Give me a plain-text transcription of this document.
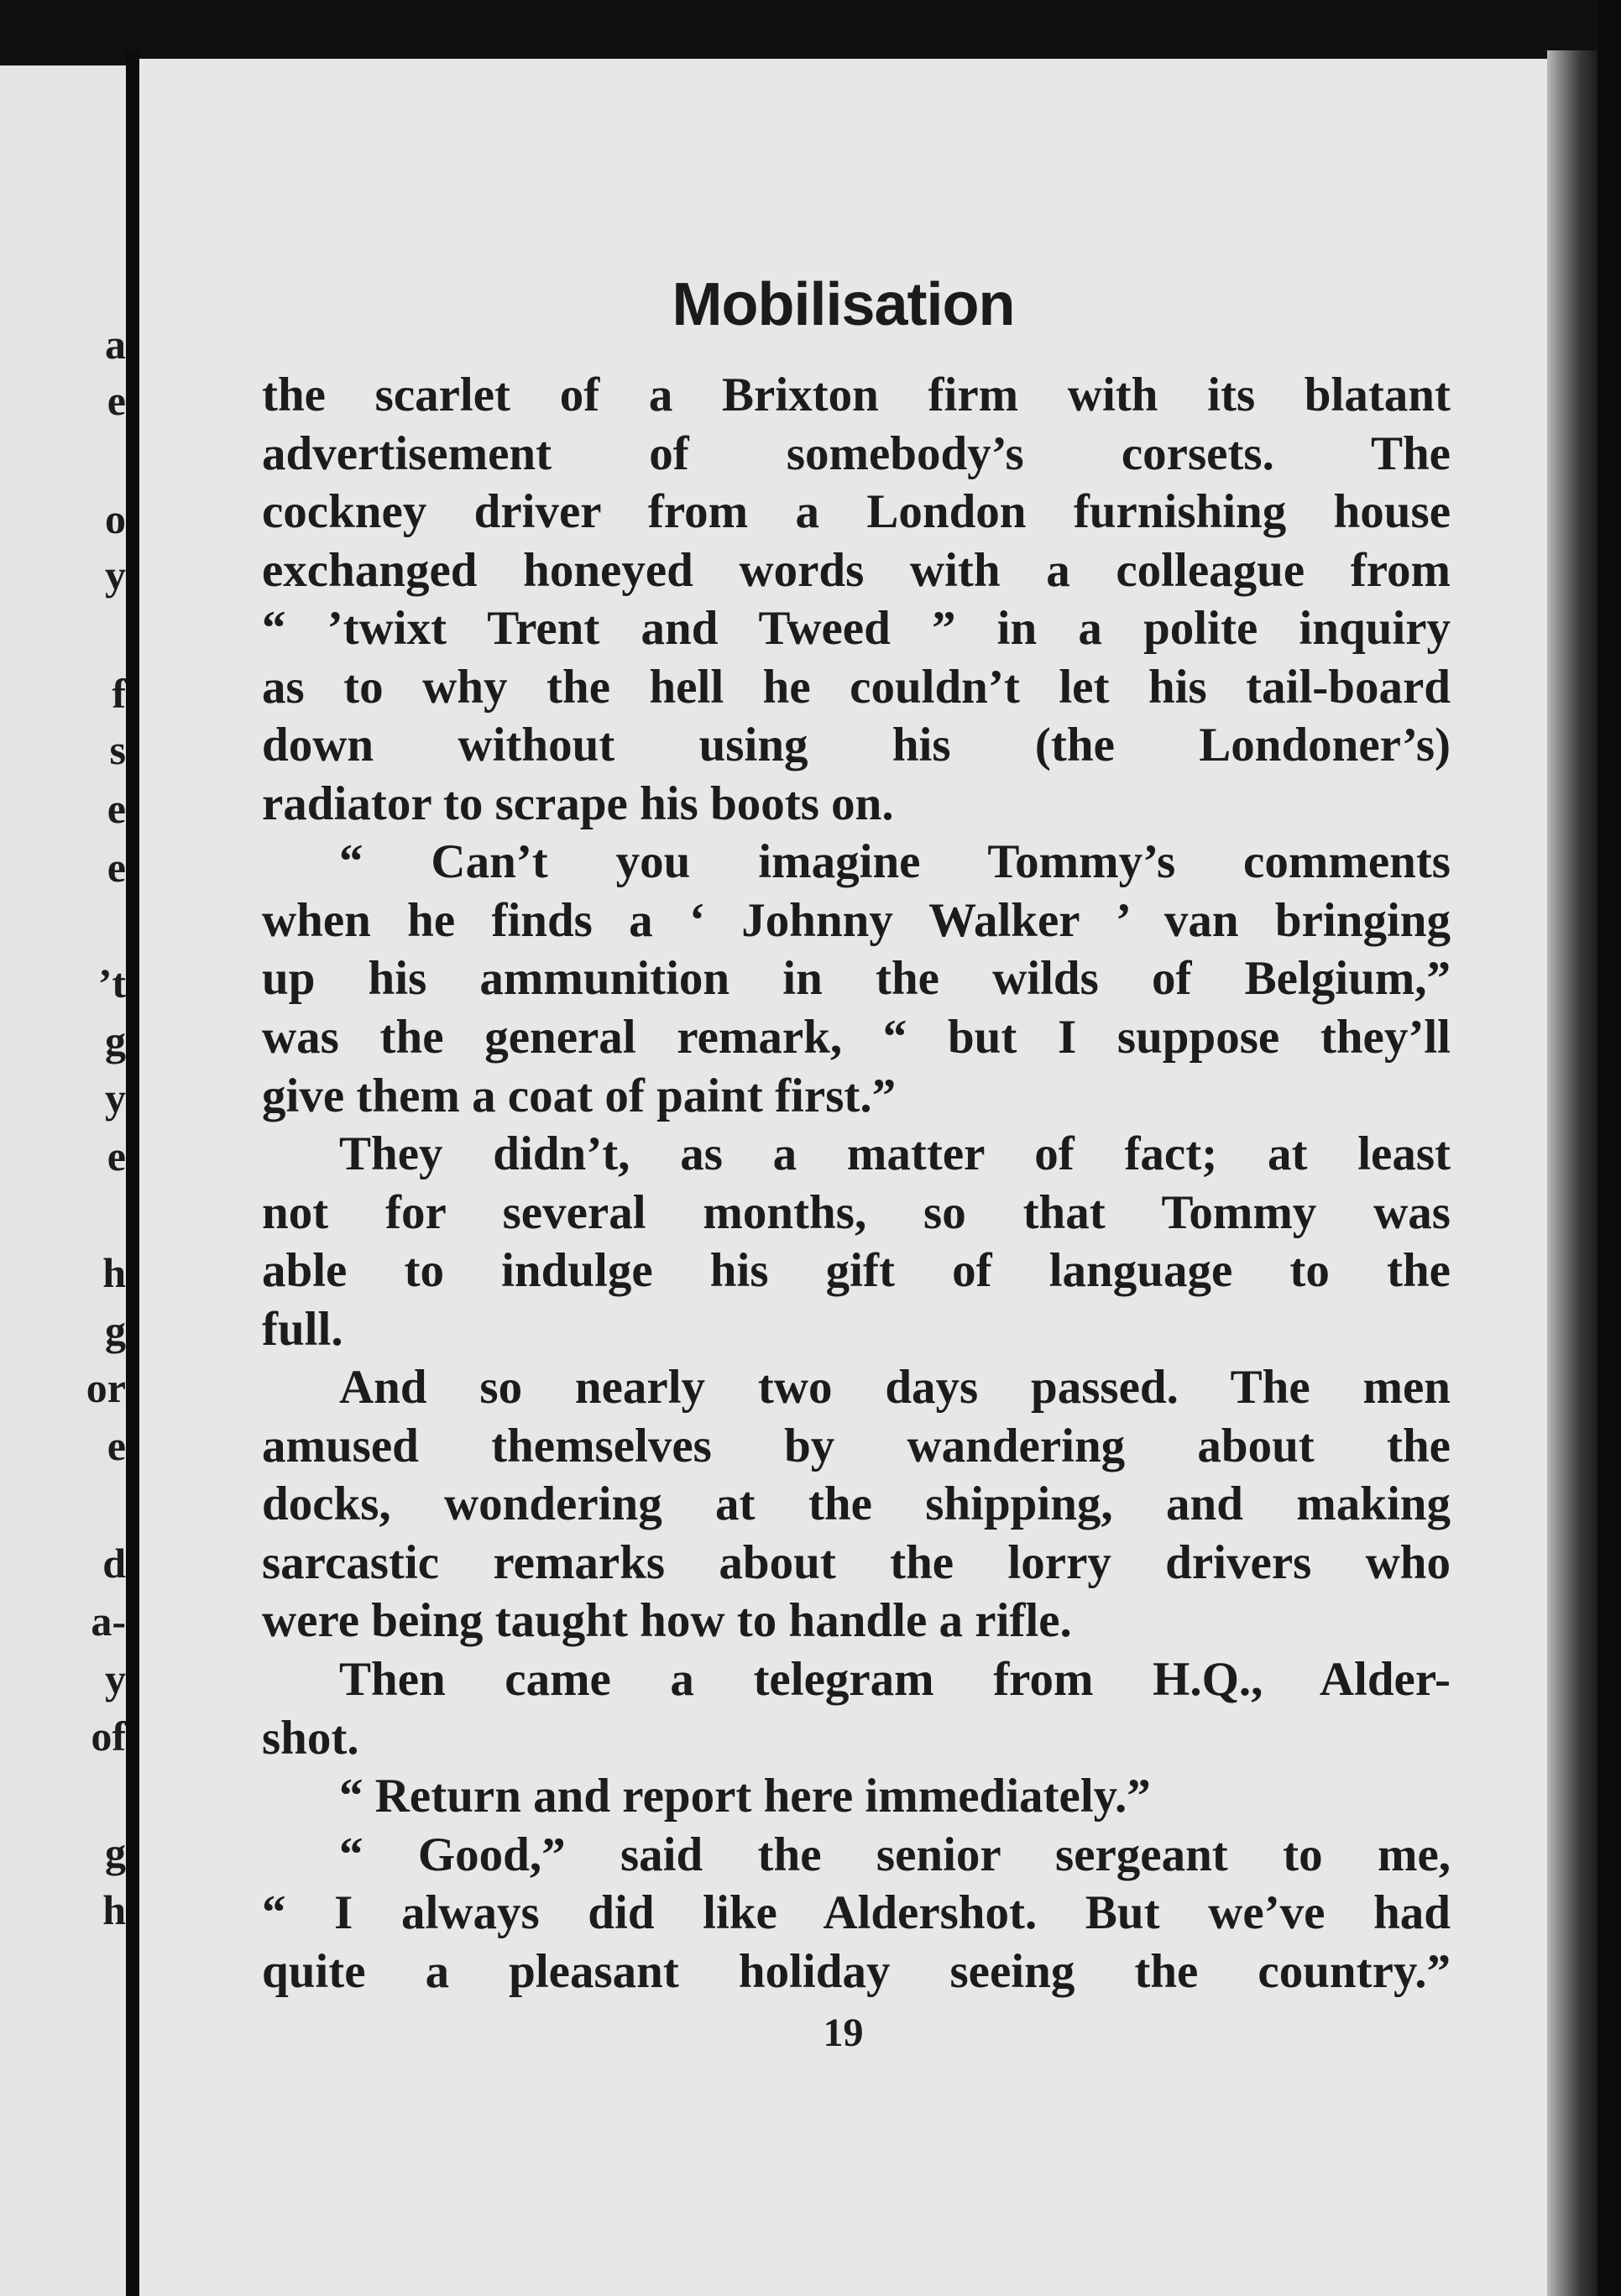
a
e
o
y
f
s
e
e
’t
g
y
e
h
g
or
e
d
a-
y
of
g
h
Mobilisation
the scarlet of a Brixton firm with its blatant
advertisement of somebody’s corsets. The
cockney driver from a London furnishing house
exchanged honeyed words with a colleague from
“ ’twixt Trent and Tweed ” in a polite inquiry
as to why the hell he couldn’t let his tail-board
down without using his (the Londoner’s)
radiator to scrape his boots on.
“ Can’t you imagine Tommy’s comments
when he finds a ‘ Johnny Walker ’ van bringing
up his ammunition in the wilds of Belgium,”
was the general remark, “ but I suppose they’ll
give them a coat of paint first.”
They didn’t, as a matter of fact; at least
not for several months, so that Tommy was
able to indulge his gift of language to the
full.
And so nearly two days passed. The men
amused themselves by wandering about the
docks, wondering at the shipping, and making
sarcastic remarks about the lorry drivers who
were being taught how to handle a rifle.
Then came a telegram from H.Q., Alder-
shot.
“ Return and report here immediately.”
“ Good,” said the senior sergeant to me,
“ I always did like Aldershot. But we’ve had
quite a pleasant holiday seeing the country.”
19
